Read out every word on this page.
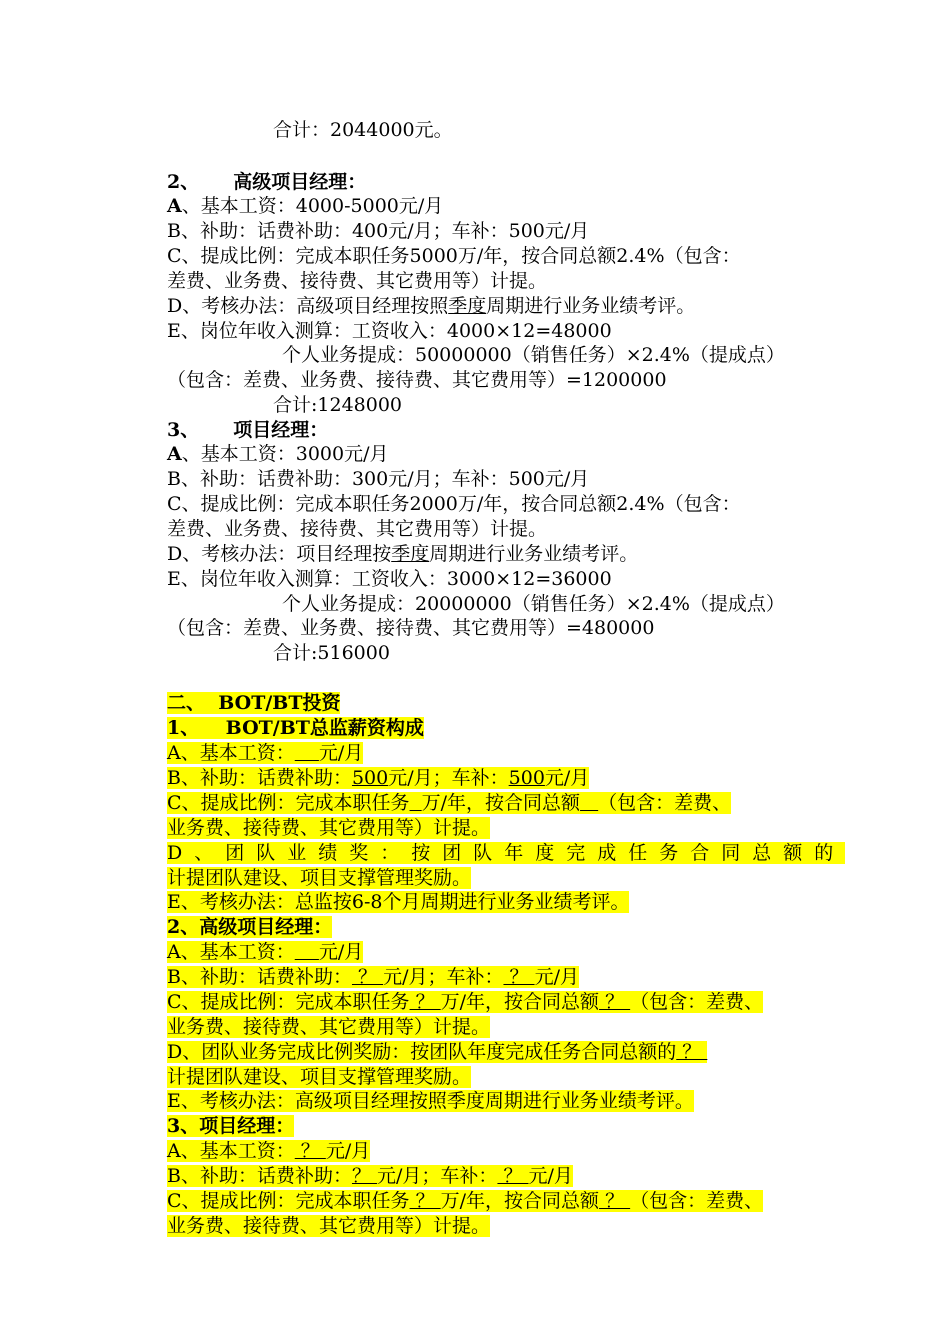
合计：2044000元。
2、 高级项目经理：
A、基本工资：4000-5000元/月
B、补助：话费补助：400元/月；车补：500元/月
C、提成比例：完成本职任务5000万/年，按合同总额2.4%（包含：
差费、业务费、接待费、其它费用等）计提。
D、考核办法：高级项目经理按照季度周期进行业务业绩考评。
E、岗位年收入测算：工资收入：4000×12=48000
个人业务提成：50000000（销售任务）×2.4%（提成点）
（包含：差费、业务费、接待费、其它费用等）=1200000
合计:1248000
3、 项目经理：
A、基本工资：3000元/月
B、补助：话费补助：300元/月；车补：500元/月
C、提成比例：完成本职任务2000万/年，按合同总额2.4%（包含：
差费、业务费、接待费、其它费用等）计提。
D、考核办法：项目经理按季度周期进行业务业绩考评。
E、岗位年收入测算：工资收入：3000×12=36000
个人业务提成：20000000（销售任务）×2.4%（提成点）
（包含：差费、业务费、接待费、其它费用等）=480000
合计:516000
二、  BOT/BT投资
1、    BOT/BT总监薪资构成
A、基本工资： 元/月
B、补助：话费补助：500元/月；车补：500元/月
C、提成比例：完成本职任务 万/年，按合同总额 （包含：差费、
业务费、接待费、其它费用等）计提。
D、团队业绩奖：按团队年度完成任务合同总额的
计提团队建设、项目支撑管理奖励。
E、考核办法：总监按6-8个月周期进行业务业绩考评。
2、高级项目经理：
A、基本工资： 元/月
B、补助：话费补助： ？ 元/月；车补： ？ 元/月
C、提成比例：完成本职任务 ？ 万/年，按合同总额 ？ （包含：差费、
业务费、接待费、其它费用等）计提。
D、团队业务完成比例奖励：按团队年度完成任务合同总额的 ？
计提团队建设、项目支撑管理奖励。
E、考核办法：高级项目经理按照季度周期进行业务业绩考评。
3、项目经理：
A、基本工资： ？ 元/月
B、补助：话费补助：？ 元/月；车补： ？ 元/月
C、提成比例：完成本职任务 ？ 万/年，按合同总额 ？ （包含：差费、
业务费、接待费、其它费用等）计提。
